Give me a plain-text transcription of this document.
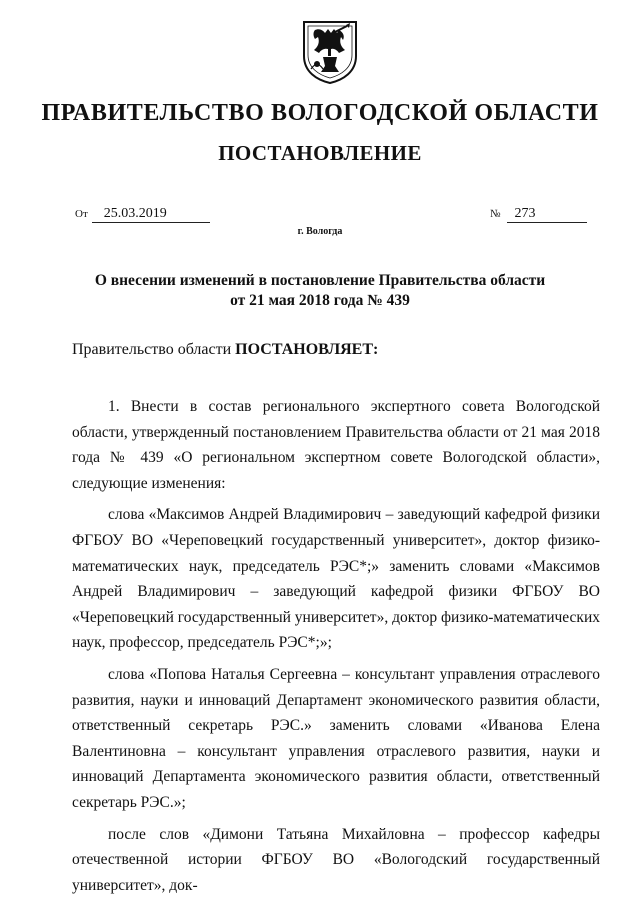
ПРАВИТЕЛЬСТВО ВОЛОГОДСКОЙ ОБЛАСТИ
ПОСТАНОВЛЕНИЕ
От 25.03.2019	№ 273
г. Вологда
О внесении изменений в постановление Правительства области
от 21 мая 2018 года № 439
Правительство области ПОСТАНОВЛЯЕТ:

1. Внести в состав регионального экспертного совета Вологодской области, утвержденный постановлением Правительства области от 21 мая 2018 года № 439 «О региональном экспертном совете Вологодской области», следующие изменения:

слова «Максимов Андрей Владимирович – заведующий кафедрой физики ФГБОУ ВО «Череповецкий государственный университет», доктор физико-математических наук, председатель РЭС*;» заменить словами «Максимов Андрей Владимирович – заведующий кафедрой физики ФГБОУ ВО «Череповецкий государственный университет», доктор физико-математических наук, профессор, председатель РЭС*;»;

слова «Попова Наталья Сергеевна – консультант управления отраслевого развития, науки и инноваций Департамент экономического развития области, ответственный секретарь РЭС.» заменить словами «Иванова Елена Валентиновна – консультант управления отраслевого развития, науки и инноваций Департамента экономического развития области, ответственный секретарь РЭС.»;

после слов «Димони Татьяна Михайловна – профессор кафедры отечественной истории ФГБОУ ВО «Вологодский государственный университет», док-
